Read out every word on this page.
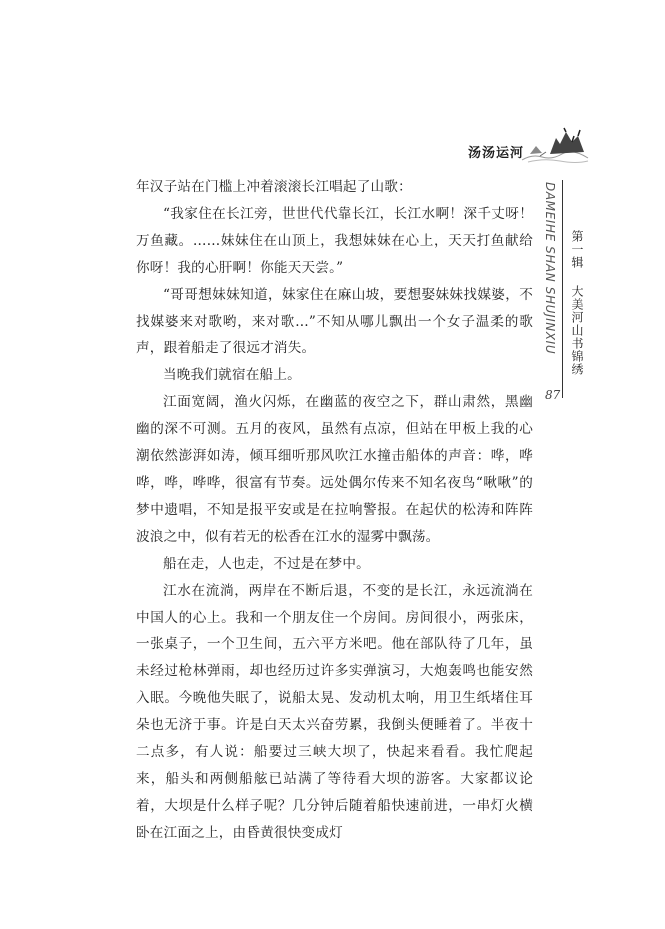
汤汤运河

年汉子站在门槛上冲着滚滚长江唱起了山歌：

“我家住在长江旁，世世代代靠长江，长江水啊！深千丈呀！万鱼藏。……妹妹住在山顶上，我想妹妹在心上，天天打鱼献给你呀！我的心肝啊！你能天天尝。”

“哥哥想妹妹知道，妹家住在麻山坡，要想娶妹妹找媒婆，不找媒婆来对歌哟，来对歌…”不知从哪儿飘出一个女子温柔的歌声，跟着船走了很远才消失。

当晚我们就宿在船上。

江面宽阔，渔火闪烁，在幽蓝的夜空之下，群山肃然，黑幽幽的深不可测。五月的夜风，虽然有点凉，但站在甲板上我的心潮依然澎湃如涛，倾耳细听那风吹江水撞击船体的声音：哗，哗哗，哗，哗哗，很富有节奏。远处偶尔传来不知名夜鸟“啾啾”的梦中遗唱，不知是报平安或是在拉响警报。在起伏的松涛和阵阵波浪之中，似有若无的松香在江水的湿雾中飘荡。

船在走，人也走，不过是在梦中。

江水在流淌，两岸在不断后退，不变的是长江，永远流淌在中国人的心上。我和一个朋友住一个房间。房间很小，两张床，一张桌子，一个卫生间，五六平方米吧。他在部队待了几年，虽未经过枪林弹雨，却也经历过许多实弹演习，大炮轰鸣也能安然入眠。今晚他失眠了，说船太晃、发动机太响，用卫生纸堵住耳朵也无济于事。许是白天太兴奋劳累，我倒头便睡着了。半夜十二点多，有人说：船要过三峡大坝了，快起来看看。我忙爬起来，船头和两侧船舷已站满了等待看大坝的游客。大家都议论着，大坝是什么样子呢？几分钟后随着船快速前进，一串灯火横卧在江面之上，由昏黄很快变成灯

DAMEIHE SHAN SHUJINXIU 第一辑
大美河山书锦绣
87
